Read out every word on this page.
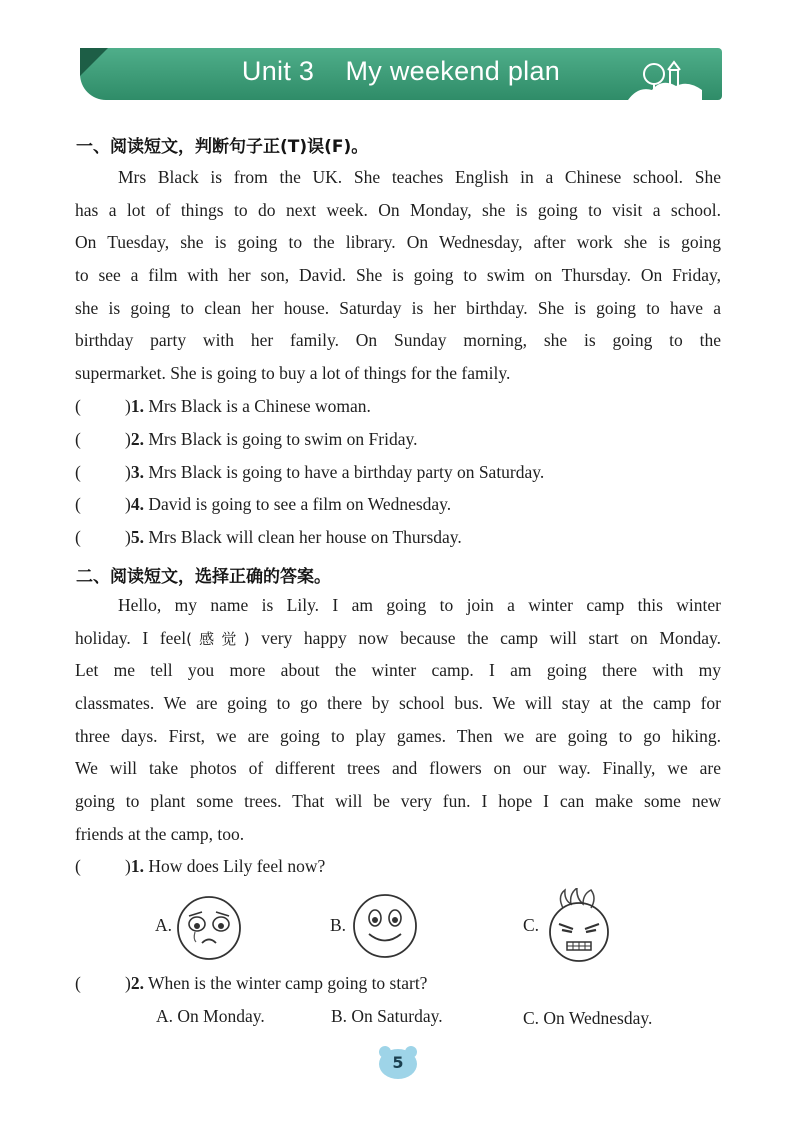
Unit 3 My weekend plan
一、阅读短文，判断句子正(T)误(F)。
Mrs Black is from the UK. She teaches English in a Chinese school. She
has a lot of things to do next week. On Monday, she is going to visit a school.
On Tuesday, she is going to the library. On Wednesday, after work she is going
to see a film with her son, David. She is going to swim on Thursday. On Friday,
she is going to clean her house. Saturday is her birthday. She is going to have a
birthday party with her family. On Sunday morning, she is going to the
supermarket. She is going to buy a lot of things for the family.
(	)1. Mrs Black is a Chinese woman.
(	)2. Mrs Black is going to swim on Friday.
(	)3. Mrs Black is going to have a birthday party on Saturday.
(	)4. David is going to see a film on Wednesday.
(	)5. Mrs Black will clean her house on Thursday.
二、阅读短文，选择正确的答案。
Hello, my name is Lily. I am going to join a winter camp this winter
holiday. I feel(感觉) very happy now because the camp will start on Monday.
Let me tell you more about the winter camp. I am going there with my
classmates. We are going to go there by school bus. We will stay at the camp for
three days. First, we are going to play games. Then we are going to go hiking.
We will take photos of different trees and flowers on our way. Finally, we are
going to plant some trees. That will be very fun. I hope I can make some new
friends at the camp, too.
(	)1. How does Lily feel now?
A.	B.	C.
(	)2. When is the winter camp going to start?
A. On Monday.	B. On Saturday.	C. On Wednesday.
5
